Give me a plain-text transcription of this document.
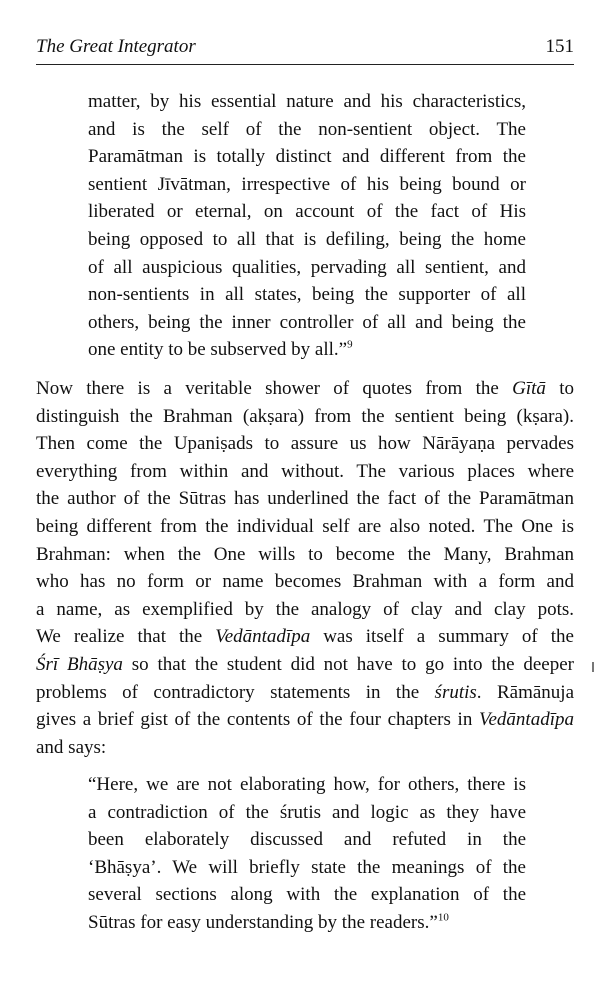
The Great Integrator	151
matter, by his essential nature and his characteristics,
and is the self of the non-sentient object. The
Paramātman is totally distinct and different from the
sentient Jīvātman, irrespective of his being bound or
liberated or eternal, on account of the fact of His
being opposed to all that is defiling, being the home
of all auspicious qualities, pervading all sentient, and
non-sentients in all states, being the supporter of all
others, being the inner controller of all and being the
one entity to be subserved by all.”$^9$
Now there is a veritable shower of quotes from the Gītā to
distinguish the Brahman (akṣara) from the sentient being (kṣara).
Then come the Upaniṣads to assure us how Nārāyaṇa pervades
everything from within and without. The various places where
the author of the Sūtras has underlined the fact of the Paramātman
being different from the individual self are also noted. The One is
Brahman: when the One wills to become the Many, Brahman
who has no form or name becomes Brahman with a form and
a name, as exemplified by the analogy of clay and clay pots.
We realize that the Vedāntadīpa was itself a summary of the
Śrī Bhāṣya so that the student did not have to go into the deeper
problems of contradictory statements in the śrutis. Rāmānuja
gives a brief gist of the contents of the four chapters in Vedāntadīpa
and says:
“Here, we are not elaborating how, for others, there is
a contradiction of the śrutis and logic as they have
been elaborately discussed and refuted in the
‘Bhāṣya’. We will briefly state the meanings of the
several sections along with the explanation of the
Sūtras for easy understanding by the readers.”$^{10}$
